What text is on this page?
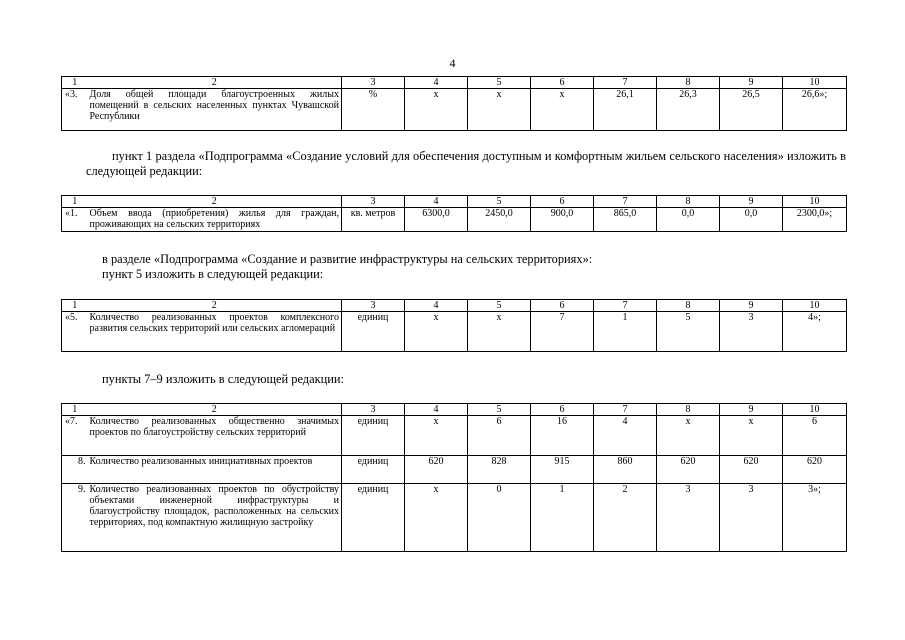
4
1	2	3	4	5	6	7	8	9	10
«3.	Доля общей площади благоустроенных жилых помещений в сельских населенных пунктах Чувашской Республики	%	х	х	х	26,1	26,3	26,5	26,6»;

пункт 1 раздела «Подпрограмма «Создание условий для обеспечения доступным и комфортным жильем сельского населения» изложить в следующей редакции:

1	2	3	4	5	6	7	8	9	10
«1.	Объем ввода (приобретения) жилья для граждан, проживающих на сельских территориях	кв. метров	6300,0	2450,0	900,0	865,0	0,0	0,0	2300,0»;

в разделе «Подпрограмма «Создание и развитие инфраструктуры на сельских территориях»:

пункт 5 изложить в следующей редакции:

1	2	3	4	5	6	7	8	9	10
«5.	Количество реализованных проектов комплексного развития сельских территорий или сельских агломераций	единиц	х	х	7	1	5	3	4»;

пункты 7–9 изложить в следующей редакции:

1	2	3	4	5	6	7	8	9	10
«7.	Количество реализованных общественно значимых проектов по благоустройству сельских территорий	единиц	х	6	16	4	х	х	6
8.	Количество реализованных инициативных проектов	единиц	620	828	915	860	620	620	620
9.	Количество реализованных проектов по обустройству объектами инженерной инфраструктуры и благоустройству площадок, расположенных на сельских территориях, под компактную жилищную застройку	единиц	х	0	1	2	3	3	3»;
